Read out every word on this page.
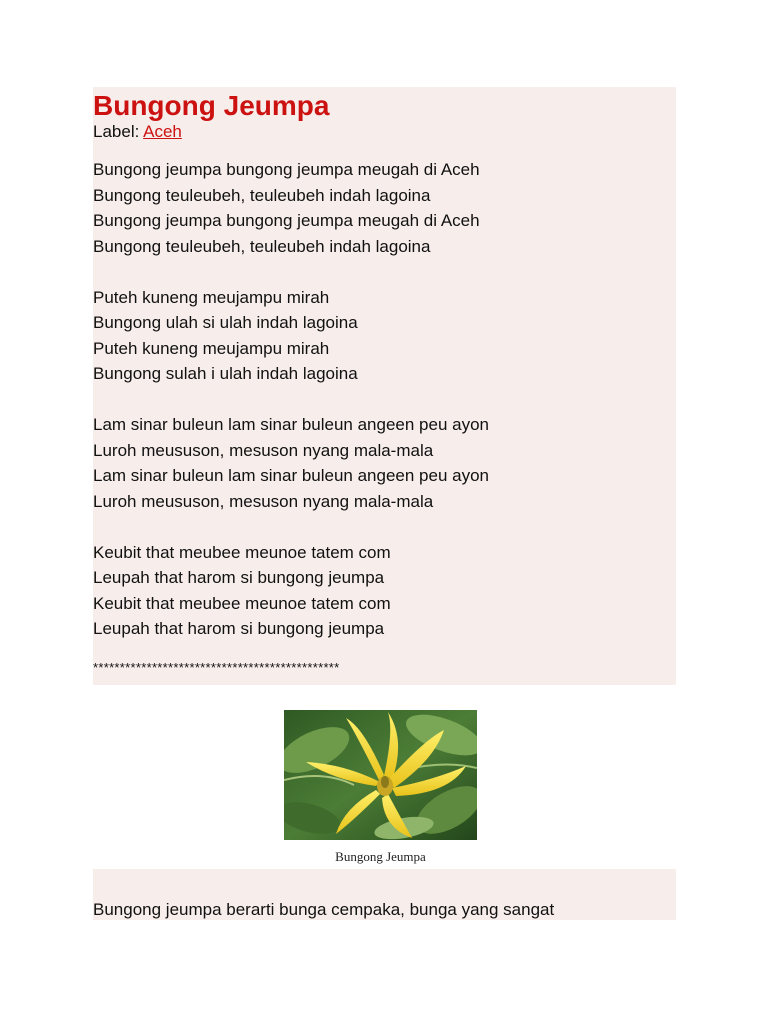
Bungong Jeumpa
Label: Aceh
Bungong jeumpa bungong jeumpa meugah di Aceh
Bungong teuleubeh, teuleubeh indah lagoina
Bungong jeumpa bungong jeumpa meugah di Aceh
Bungong teuleubeh, teuleubeh indah lagoina
Puteh kuneng meujampu mirah
Bungong ulah si ulah indah lagoina
Puteh kuneng meujampu mirah
Bungong sulah i ulah indah lagoina
Lam sinar buleun lam sinar buleun angeen peu ayon
Luroh meususon, mesuson nyang mala-mala
Lam sinar buleun lam sinar buleun angeen peu ayon
Luroh meususon, mesuson nyang mala-mala
Keubit that meubee meunoe tatem com
Leupah that harom si bungong jeumpa
Keubit that meubee meunoe tatem com
Leupah that harom si bungong jeumpa
**********************************************
Bungong Jeumpa
Bungong jeumpa berarti bunga cempaka, bunga yang sangat
